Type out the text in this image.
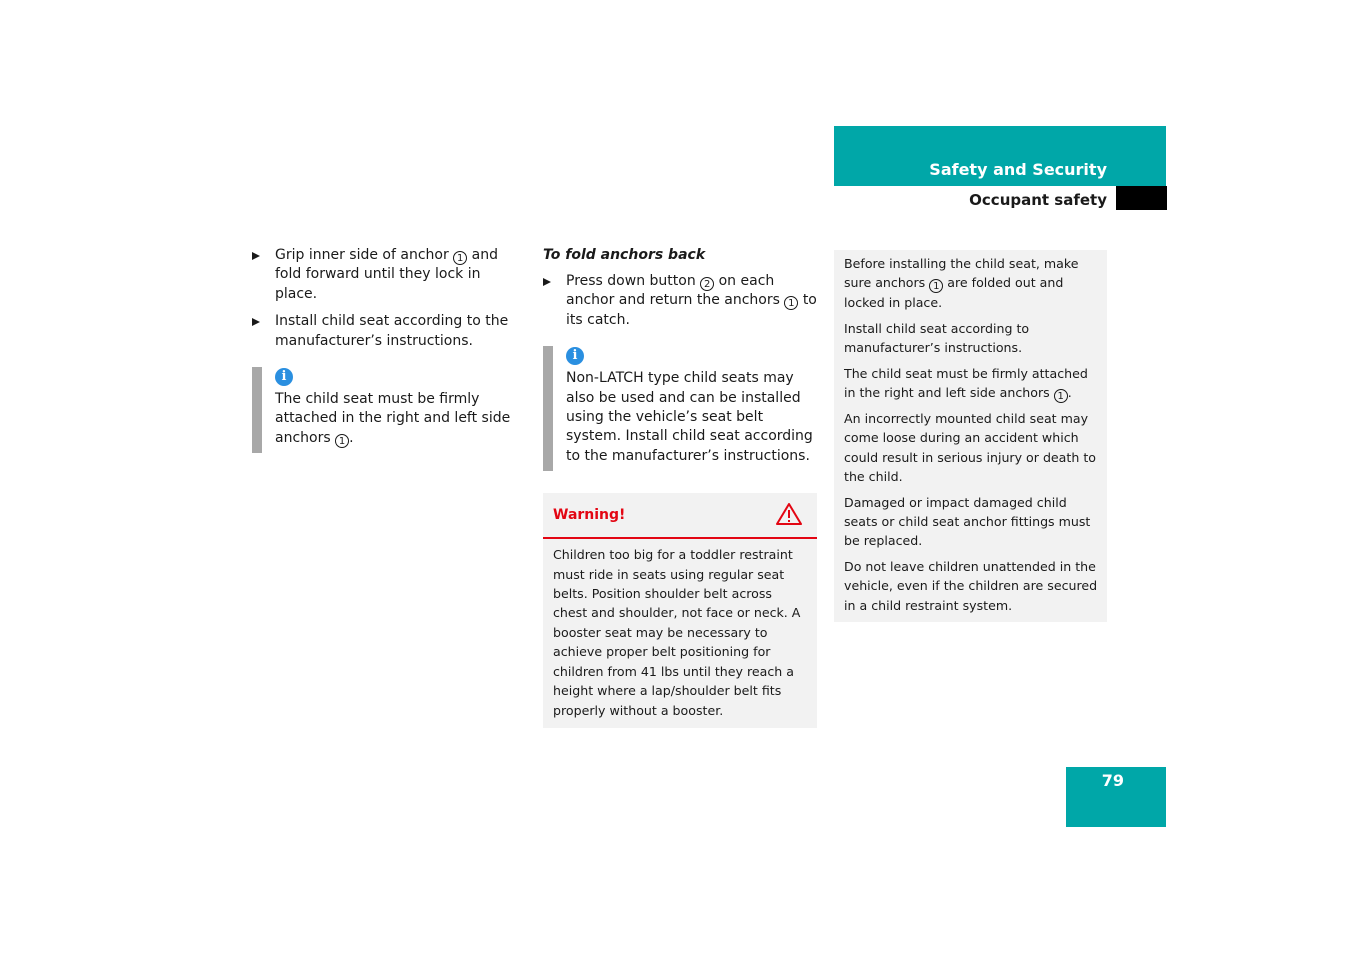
Safety and Security
Occupant safety
Grip inner side of anchor 1 and fold forward until they lock in place.
Install child seat according to the manufacturer’s instructions.
i
The child seat must be firmly attached in the right and left side anchors 1 .
To fold anchors back
Press down button 2 on each anchor and return the anchors 1 to its catch.
i
Non-LATCH type child seats may also be used and can be installed using the vehicle’s seat belt system. Install child seat according to the manufacturer’s instructions.
Warning!
Children too big for a toddler restraint must ride in seats using regular seat belts. Position shoulder belt across chest and shoulder, not face or neck. A booster seat may be necessary to achieve proper belt positioning for children from 41 lbs until they reach a height where a lap/shoulder belt fits properly without a booster.

Before installing the child seat, make sure anchors 1 are folded out and locked in place.

Install child seat according to manufacturer’s instructions.

The child seat must be firmly attached in the right and left side anchors 1 .

An incorrectly mounted child seat may come loose during an accident which could result in serious injury or death to the child.

Damaged or impact damaged child seats or child seat anchor fittings must be replaced.

Do not leave children unattended in the vehicle, even if the children are secured in a child restraint system.

79
